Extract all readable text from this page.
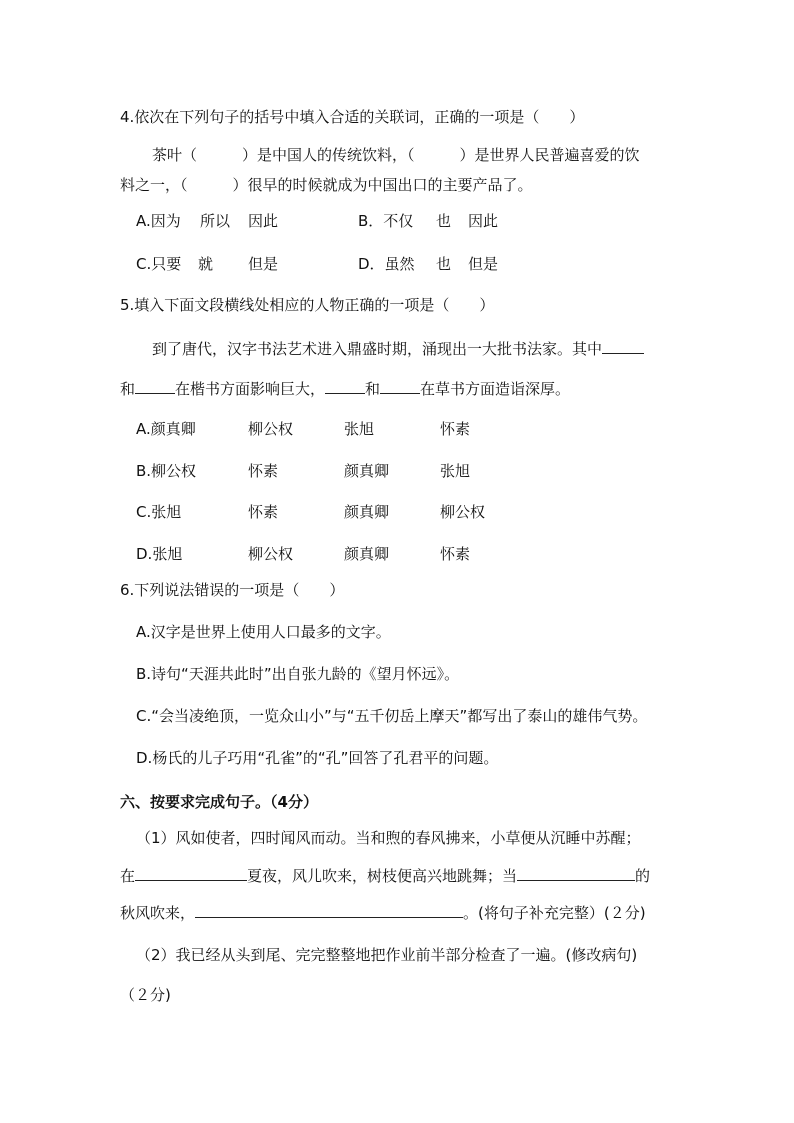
4.依次在下列句子的括号中填入合适的关联词，正确的一项是（　　）
茶叶（　　　）是中国人的传统饮料，（　　　）是世界人民普遍喜爱的饮
料之一，（　　　）很早的时候就成为中国出口的主要产品了。
A.因为 所以 因此	B．不仅 也 因此
C.只要 就 但是	D．虽然 也 但是
5.填入下面文段横线处相应的人物正确的一项是（　　）
到了唐代，汉字书法艺术进入鼎盛时期，涌现出一大批书法家。其中
和	在楷书方面影响巨大，	和	在草书方面造诣深厚。
A.颜真卿	柳公权	张旭	怀素
B.柳公权	怀素	颜真卿	张旭
C.张旭	怀素	颜真卿	柳公权
D.张旭	柳公权	颜真卿	怀素
6.下列说法错误的一项是（　　）
A.汉字是世界上使用人口最多的文字。
B.诗句“天涯共此时”出自张九龄的《望月怀远》。
C.“会当凌绝顶，一览众山小”与“五千仞岳上摩天”都写出了泰山的雄伟气势。
D.杨氏的儿子巧用“孔雀”的“孔”回答了孔君平的问题。
六、按要求完成句子。（4分）
（1）风如使者，四时闻风而动。当和煦的春风拂来，小草便从沉睡中苏醒；
在	夏夜，风儿吹来，树枝便高兴地跳舞；当	的
秋风吹来，	。(将句子补充完整）(２分)
（2）我已经从头到尾、完完整整地把作业前半部分检查了一遍。(修改病句)
（２分)
